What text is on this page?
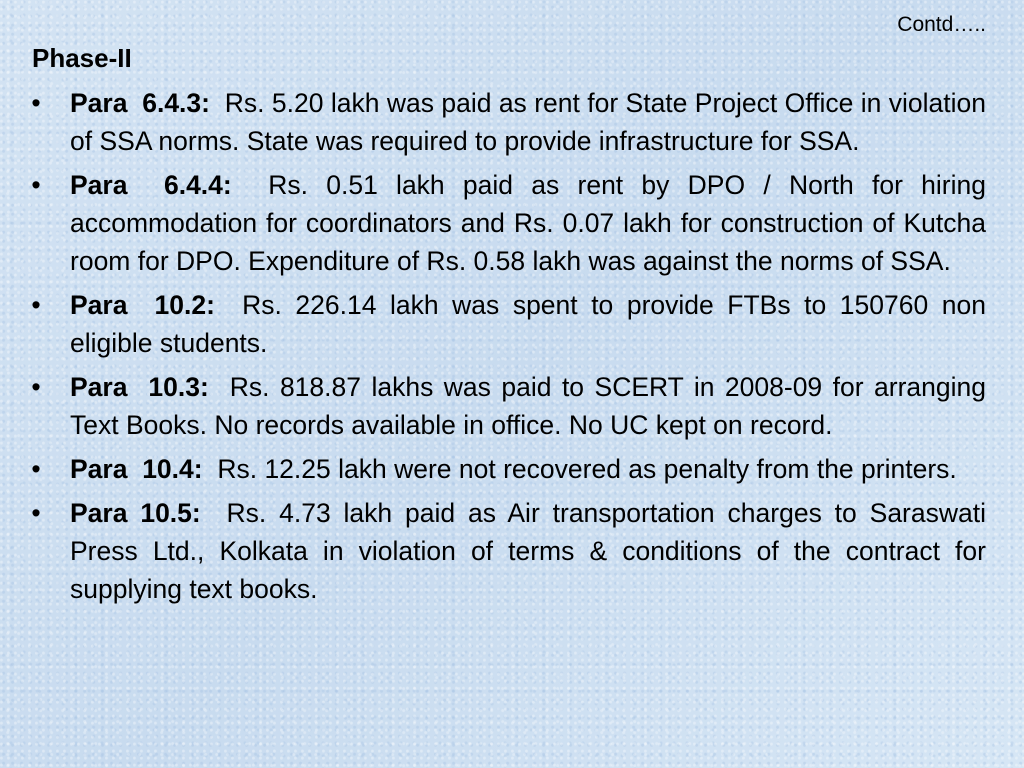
Contd…..
Phase-II
• Para  6.4.3:  Rs. 5.20 lakh was paid as rent for State Project Office in violation of SSA norms. State was required to provide infrastructure for SSA.
• Para  6.4.4:  Rs. 0.51 lakh paid as rent by DPO / North for hiring accommodation for coordinators and Rs. 0.07 lakh for construction of Kutcha room for DPO. Expenditure of Rs. 0.58 lakh was against the norms of SSA.
• Para  10.2:  Rs. 226.14 lakh was spent to provide FTBs to 150760 non eligible students.
• Para  10.3:  Rs. 818.87 lakhs was paid to SCERT in 2008-09 for arranging Text Books. No records available in office. No UC kept on record.
• Para  10.4:  Rs. 12.25 lakh were not recovered as penalty from the printers.
• Para 10.5:  Rs. 4.73 lakh paid as Air transportation charges to Saraswati Press Ltd., Kolkata in violation of terms & conditions of the contract for supplying text books.
